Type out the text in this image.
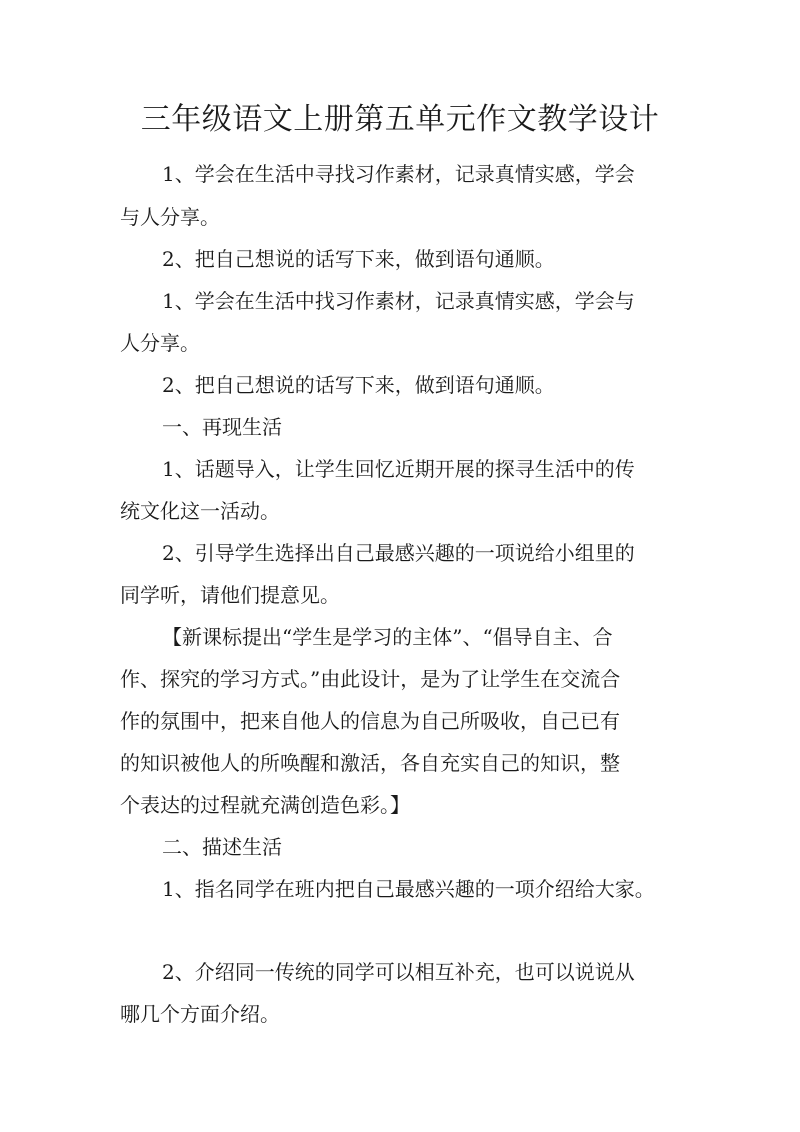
三年级语文上册第五单元作文教学设计

1、学会在生活中寻找习作素材，记录真情实感，学会

与人分享。

2、把自己想说的话写下来，做到语句通顺。

1、学会在生活中找习作素材，记录真情实感，学会与

人分享。

2、把自己想说的话写下来，做到语句通顺。

一、再现生活

1、话题导入，让学生回忆近期开展的探寻生活中的传

统文化这一活动。

2、引导学生选择出自己最感兴趣的一项说给小组里的

同学听，请他们提意见。

【新课标提出“学生是学习的主体”、“倡导自主、合

作、探究的学习方式。”由此设计，是为了让学生在交流合

作的氛围中，把来自他人的信息为自己所吸收，自己已有

的知识被他人的所唤醒和激活，各自充实自己的知识，整

个表达的过程就充满创造色彩。】

二、描述生活

1、指名同学在班内把自己最感兴趣的一项介绍给大家。

2、介绍同一传统的同学可以相互补充，也可以说说从

哪几个方面介绍。
